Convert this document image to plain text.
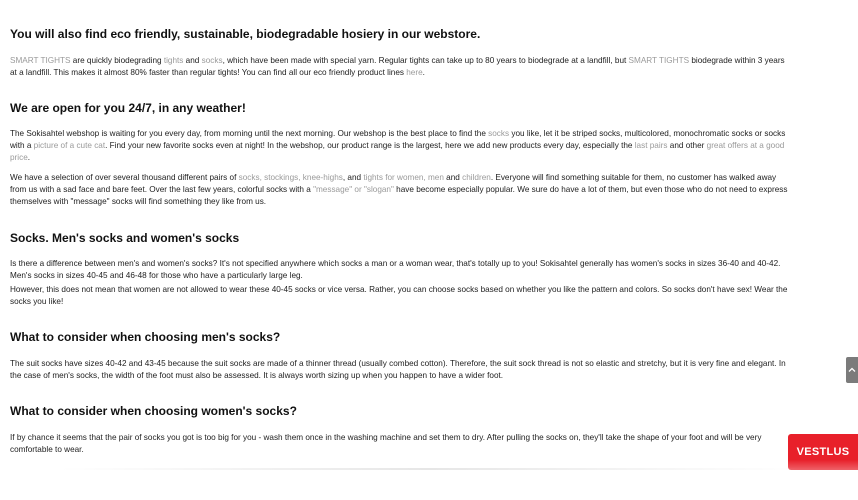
You will also find eco friendly, sustainable, biodegradable hosiery in our webstore.

SMART TIGHTS are quickly biodegrading tights and socks, which have been made with special yarn. Regular tights can take up to 80 years to biodegrade at a landfill, but SMART TIGHTS biodegrade within 3 years at a landfill. This makes it almost 80% faster than regular tights! You can find all our eco friendly product lines here.

We are open for you 24/7, in any weather!

The Sokisahtel webshop is waiting for you every day, from morning until the next morning. Our webshop is the best place to find the socks you like, let it be striped socks, multicolored, monochromatic socks or socks with a picture of a cute cat. Find your new favorite socks even at night! In the webshop, our product range is the largest, here we add new products every day, especially the last pairs and other great offers at a good price.

We have a selection of over several thousand different pairs of socks, stockings, knee-highs, and tights for women, men and children. Everyone will find something suitable for them, no customer has walked away from us with a sad face and bare feet. Over the last few years, colorful socks with a "message" or "slogan" have become especially popular. We sure do have a lot of them, but even those who do not need to express themselves with "message" socks will find something they like from us.

Socks. Men's socks and women's socks

Is there a difference between men's and women's socks? It's not specified anywhere which socks a man or a woman wear, that's totally up to you! Sokisahtel generally has women's socks in sizes 36-40 and 40-42. Men's socks in sizes 40-45 and 46-48 for those who have a particularly large leg.

However, this does not mean that women are not allowed to wear these 40-45 socks or vice versa. Rather, you can choose socks based on whether you like the pattern and colors. So socks don't have sex! Wear the socks you like!

What to consider when choosing men's socks?

The suit socks have sizes 40-42 and 43-45 because the suit socks are made of a thinner thread (usually combed cotton). Therefore, the suit sock thread is not so elastic and stretchy, but it is very fine and elegant. In the case of men's socks, the width of the foot must also be assessed. It is always worth sizing up when you happen to have a wider foot.

What to consider when choosing women's socks?

If by chance it seems that the pair of socks you got is too big for you - wash them once in the washing machine and set them to dry. After pulling the socks on, they'll take the shape of your foot and will be very comfortable to wear.	VESTLUS
